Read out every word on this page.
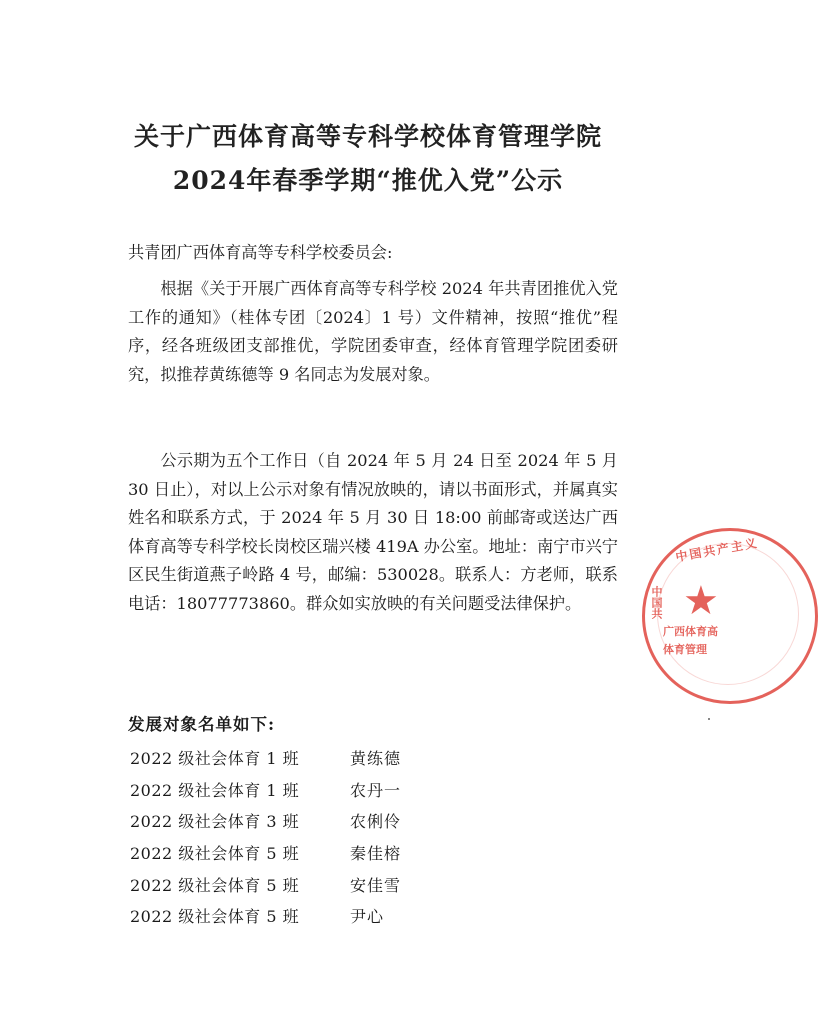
关于广西体育高等专科学校体育管理学院
2024年春季学期“推优入党”公示
共青团广西体育高等专科学校委员会:

根据《关于开展广西体育高等专科学校 2024 年共青团推优入党工作的通知》（桂体专团〔2024〕1 号）文件精神，按照“推优”程序，经各班级团支部推优，学院团委审查，经体育管理学院团委研究，拟推荐黄练德等 9 名同志为发展对象。

公示期为五个工作日（自 2024 年 5 月 24 日至 2024 年 5 月 30 日止），对以上公示对象有情况放映的，请以书面形式，并属真实姓名和联系方式，于 2024 年 5 月 30 日 18:00 前邮寄或送达广西体育高等专科学校长岗校区瑞兴楼 419A 办公室。地址：南宁市兴宁区民生街道燕子岭路 4 号，邮编：530028。联系人：方老师，联系电话：18077773860。群众如实放映的有关问题受法律保护。

发展对象名单如下:
2022 级社会体育 1 班	黄练德
2022 级社会体育 1 班	农丹一
2022 级社会体育 3 班	农俐伶
2022 级社会体育 5 班	秦佳榕
2022 级社会体育 5 班	安佳雪
2022 级社会体育 5 班	尹心
中国共产主义
中国共 ★
广西体育高
体育管理
